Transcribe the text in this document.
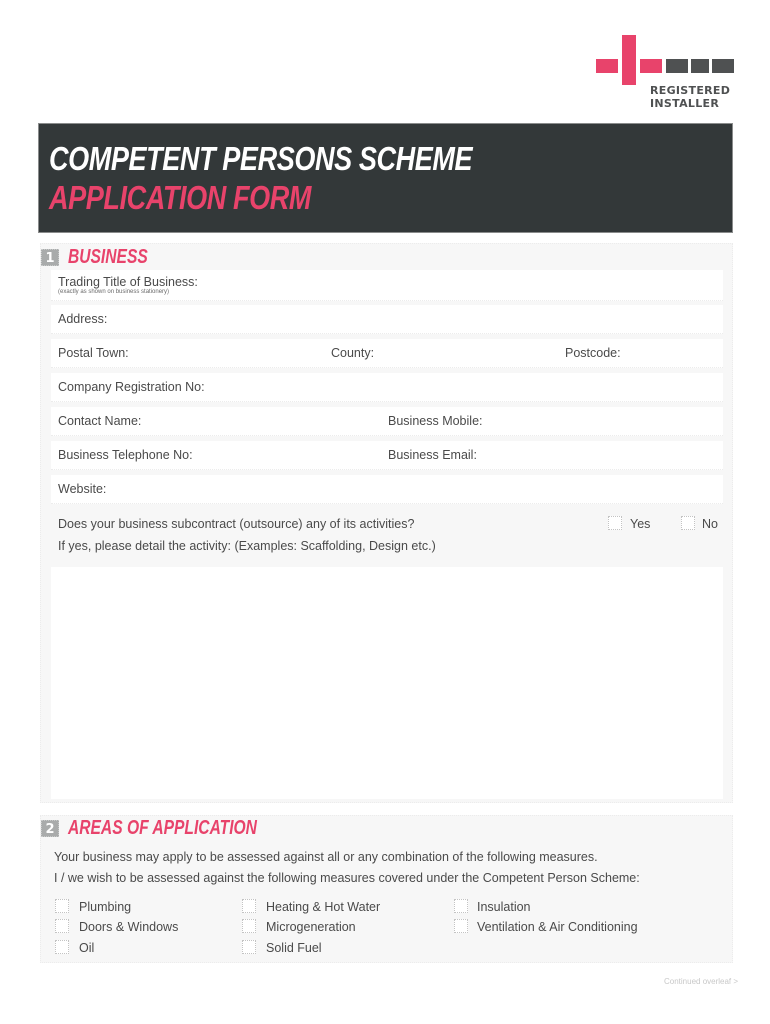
REGISTERED
INSTALLER
COMPETENT PERSONS SCHEME
APPLICATION FORM
1 BUSINESS
Trading Title of Business:
(exactly as shown on business stationery)
Address:
Postal Town:	County:	Postcode:
Company Registration No:
Contact Name:	Business Mobile:
Business Telephone No:	Business Email:
Website:
Does your business subcontract (outsource) any of its activities?	Yes	No
If yes, please detail the activity: (Examples: Scaffolding, Design etc.)
2 AREAS OF APPLICATION
Your business may apply to be assessed against all or any combination of the following measures.
I / we wish to be assessed against the following measures covered under the Competent Person Scheme:
Plumbing
Doors & Windows
Oil
Heating & Hot Water
Microgeneration
Solid Fuel
Insulation
Ventilation & Air Conditioning
Continued overleaf >
